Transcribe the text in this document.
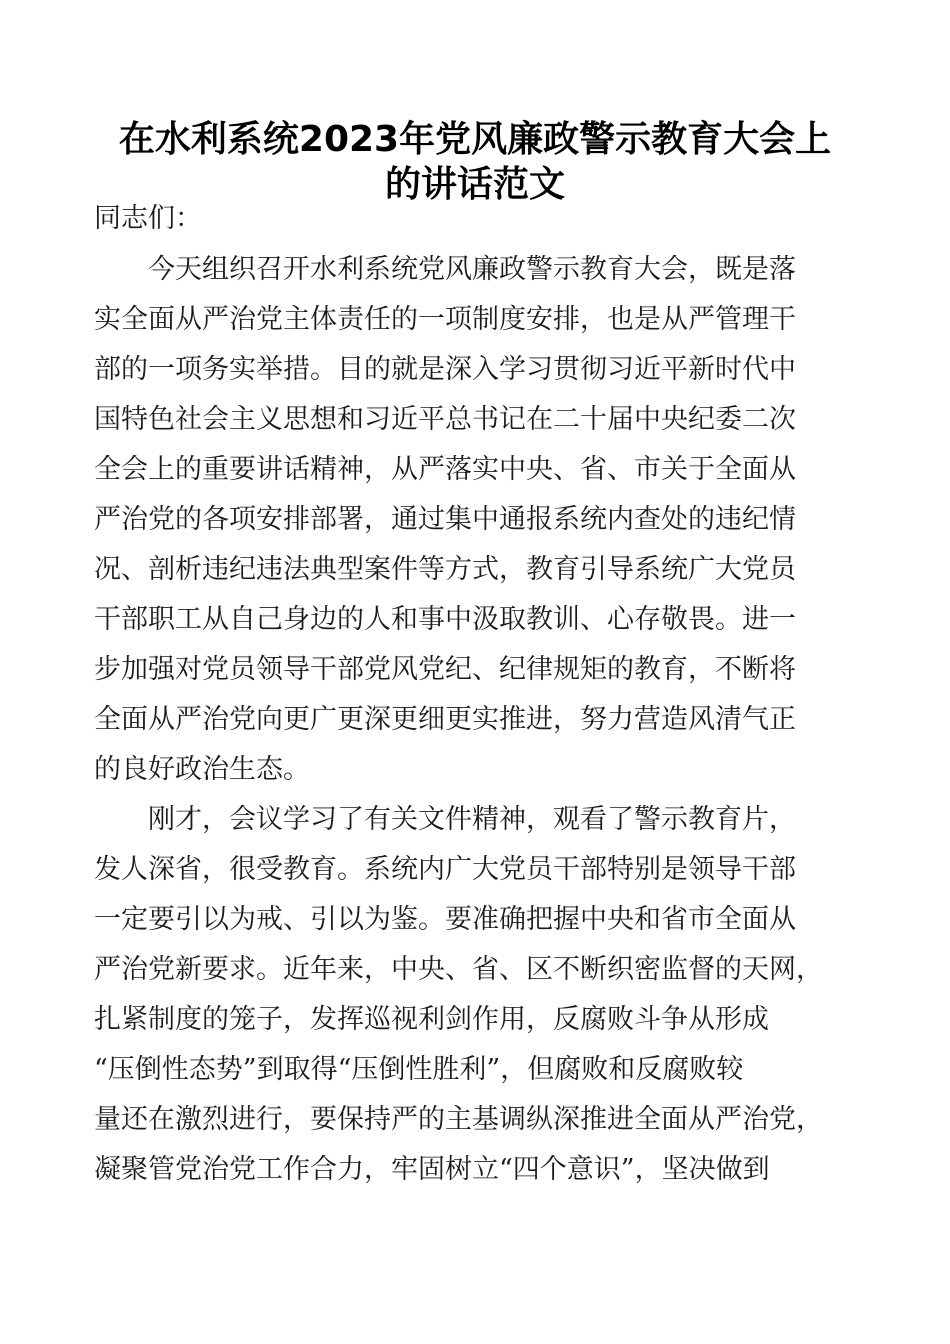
在水利系统2023年党风廉政警示教育大会上
的讲话范文
同志们：
　　今天组织召开水利系统党风廉政警示教育大会，既是落
实全面从严治党主体责任的一项制度安排，也是从严管理干
部的一项务实举措。目的就是深入学习贯彻习近平新时代中
国特色社会主义思想和习近平总书记在二十届中央纪委二次
全会上的重要讲话精神，从严落实中央、省、市关于全面从
严治党的各项安排部署，通过集中通报系统内查处的违纪情
况、剖析违纪违法典型案件等方式，教育引导系统广大党员
干部职工从自己身边的人和事中汲取教训、心存敬畏。进一
步加强对党员领导干部党风党纪、纪律规矩的教育，不断将
全面从严治党向更广更深更细更实推进，努力营造风清气正
的良好政治生态。
　　刚才，会议学习了有关文件精神，观看了警示教育片，
发人深省，很受教育。系统内广大党员干部特别是领导干部
一定要引以为戒、引以为鉴。要准确把握中央和省市全面从
严治党新要求。近年来，中央、省、区不断织密监督的天网，
扎紧制度的笼子，发挥巡视利剑作用，反腐败斗争从形成
“压倒性态势”到取得“压倒性胜利”，但腐败和反腐败较
量还在激烈进行，要保持严的主基调纵深推进全面从严治党，
凝聚管党治党工作合力，牢固树立“四个意识”，坚决做到
